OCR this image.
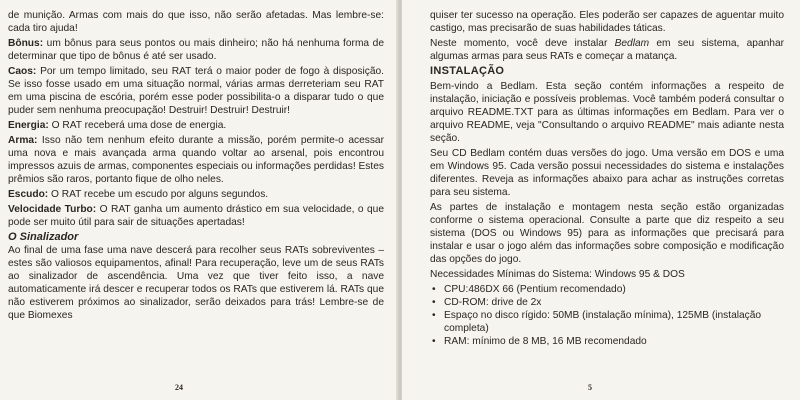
de munição. Armas com mais do que isso, não serão afetadas. Mas lembre-se: cada tiro ajuda!

Bônus: um bônus para seus pontos ou mais dinheiro; não há nenhuma forma de determinar que tipo de bônus é até ser usado.

Caos: Por um tempo limitado, seu RAT terá o maior poder de fogo à disposição. Se isso fosse usado em uma situação normal, várias armas derreteriam seu RAT em uma piscina de escória, porém esse poder possibilita-o a disparar tudo o que puder sem nenhuma preocupação! Destruir! Destruir! Destruir!

Energia: O RAT receberá uma dose de energia.

Arma: Isso não tem nenhum efeito durante a missão, porém permite-o acessar uma nova e mais avançada arma quando voltar ao arsenal, pois encontrou impressos azuis de armas, componentes especiais ou informações perdidas! Estes prêmios são raros, portanto fique de olho neles.

Escudo: O RAT recebe um escudo por alguns segundos.

Velocidade Turbo: O RAT ganha um aumento drástico em sua velocidade, o que pode ser muito útil para sair de situações apertadas!

O Sinalizador

Ao final de uma fase uma nave descerá para recolher seus RATs sobreviventes – estes são valiosos equipamentos, afinal! Para recuperação, leve um de seus RATs ao sinalizador de ascendência. Uma vez que tiver feito isso, a nave automaticamente irá descer e recuperar todos os RATs que estiverem lá. RATs que não estiverem próximos ao sinalizador, serão deixados para trás! Lembre-se de que Biomexes

24

quiser ter sucesso na operação. Eles poderão ser capazes de aguentar muito castigo, mas precisarão de suas habilidades táticas.

Neste momento, você deve instalar Bedlam em seu sistema, apanhar algumas armas para seus RATs e começar a matança.

INSTALAÇÃO

Bem-vindo a Bedlam. Esta seção contém informações a respeito de instalação, iniciação e possíveis problemas. Você também poderá consultar o arquivo README.TXT para as últimas informações em Bedlam. Para ver o arquivo README, veja "Consultando o arquivo README" mais adiante nesta seção.

Seu CD Bedlam contém duas versões do jogo. Uma versão em DOS e uma em Windows 95. Cada versão possui necessidades do sistema e instalações diferentes. Reveja as informações abaixo para achar as instruções corretas para seu sistema.

As partes de instalação e montagem nesta seção estão organizadas conforme o sistema operacional. Consulte a parte que diz respeito a seu sistema (DOS ou Windows 95) para as informações que precisará para instalar e usar o jogo além das informações sobre composição e modificação das opções do jogo.

Necessidades Mínimas do Sistema: Windows 95 & DOS

• CPU:486DX 66 (Pentium recomendado)
• CD-ROM: drive de 2x
• Espaço no disco rígido: 50MB (instalação mínima), 125MB (instalação completa)
• RAM: mínimo de 8 MB, 16 MB recomendado
5
